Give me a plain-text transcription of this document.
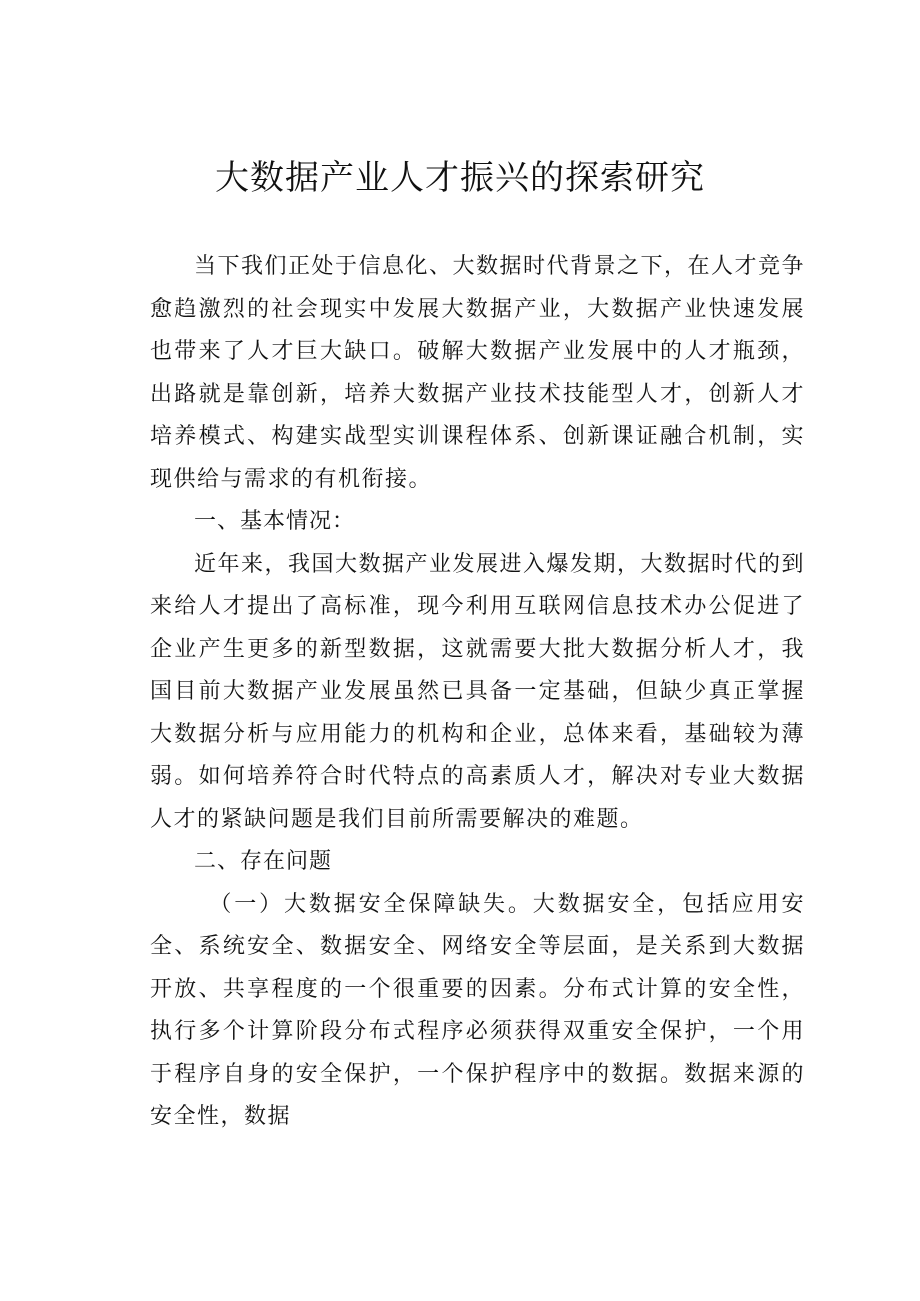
大数据产业人才振兴的探索研究

当下我们正处于信息化、大数据时代背景之下，在人才竞争愈趋激烈的社会现实中发展大数据产业，大数据产业快速发展也带来了人才巨大缺口。破解大数据产业发展中的人才瓶颈，出路就是靠创新，培养大数据产业技术技能型人才，创新人才培养模式、构建实战型实训课程体系、创新课证融合机制，实现供给与需求的有机衔接。

一、基本情况：

近年来，我国大数据产业发展进入爆发期，大数据时代的到来给人才提出了高标准，现今利用互联网信息技术办公促进了企业产生更多的新型数据，这就需要大批大数据分析人才，我国目前大数据产业发展虽然已具备一定基础，但缺少真正掌握大数据分析与应用能力的机构和企业，总体来看，基础较为薄弱。如何培养符合时代特点的高素质人才，解决对专业大数据人才的紧缺问题是我们目前所需要解决的难题。

二、存在问题

（一）大数据安全保障缺失。大数据安全，包括应用安全、系统安全、数据安全、网络安全等层面，是关系到大数据开放、共享程度的一个很重要的因素。分布式计算的安全性，执行多个计算阶段分布式程序必须获得双重安全保护，一个用于程序自身的安全保护，一个保护程序中的数据。数据来源的安全性，数据
